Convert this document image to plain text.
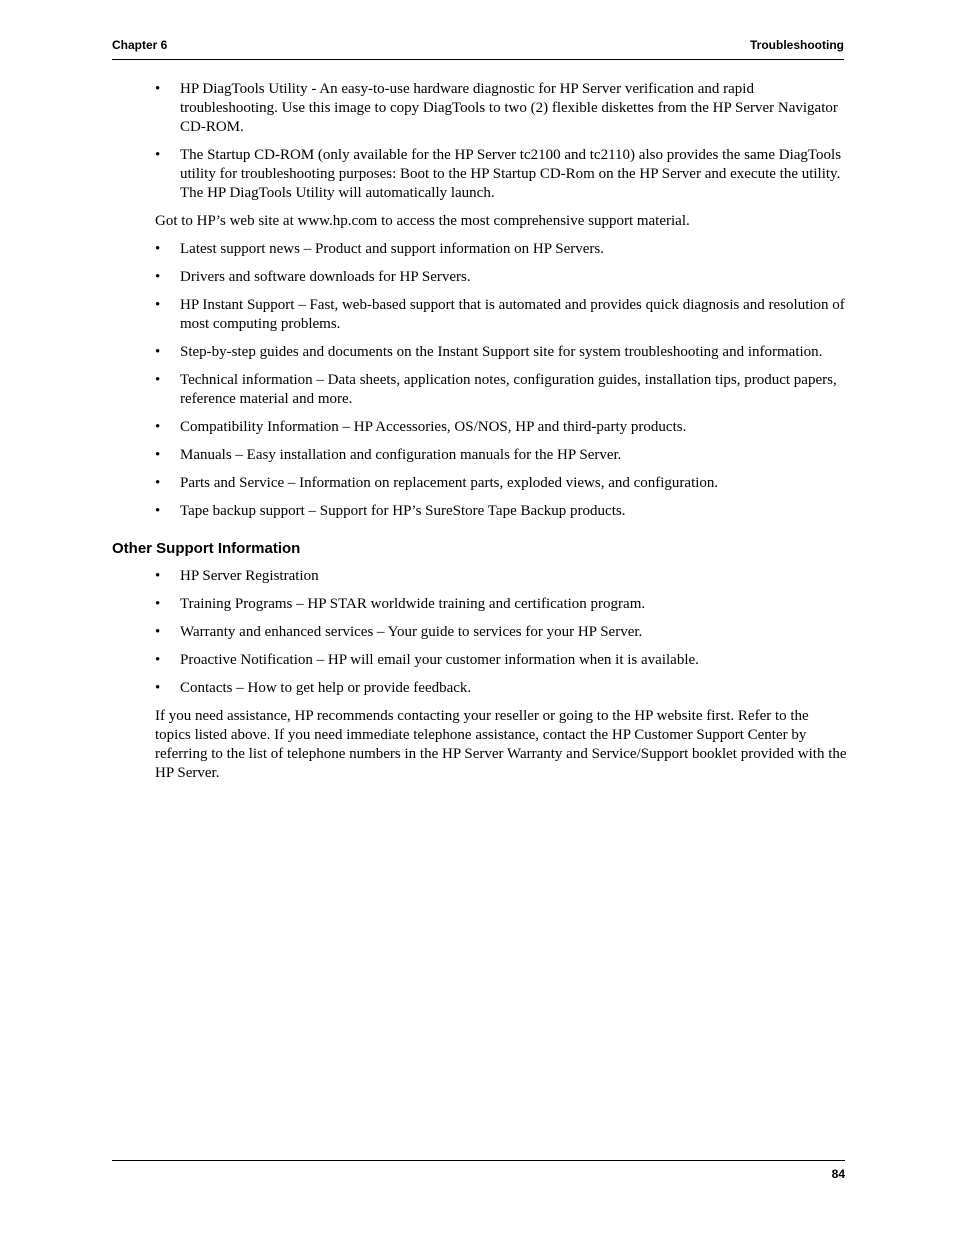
Chapter 6	Troubleshooting
• HP DiagTools Utility - An easy-to-use hardware diagnostic for HP Server verification and rapid troubleshooting. Use this image to copy DiagTools to two (2) flexible diskettes from the HP Server Navigator CD-ROM.
• The Startup CD-ROM (only available for the HP Server tc2100 and tc2110) also provides the same DiagTools utility for troubleshooting purposes: Boot to the HP Startup CD-Rom on the HP Server and execute the utility. The HP DiagTools Utility will automatically launch.

Got to HP’s web site at www.hp.com to access the most comprehensive support material.

• Latest support news – Product and support information on HP Servers.
• Drivers and software downloads for HP Servers.
• HP Instant Support – Fast, web-based support that is automated and provides quick diagnosis and resolution of most computing problems.
• Step-by-step guides and documents on the Instant Support site for system troubleshooting and information.
• Technical information – Data sheets, application notes, configuration guides, installation tips, product papers, reference material and more.
• Compatibility Information – HP Accessories, OS/NOS, HP and third-party products.
• Manuals – Easy installation and configuration manuals for the HP Server.
• Parts and Service – Information on replacement parts, exploded views, and configuration.
• Tape backup support – Support for HP’s SureStore Tape Backup products.
Other Support Information
• HP Server Registration
• Training Programs – HP STAR worldwide training and certification program.
• Warranty and enhanced services – Your guide to services for your HP Server.
• Proactive Notification – HP will email your customer information when it is available.
• Contacts – How to get help or provide feedback.

If you need assistance, HP recommends contacting your reseller or going to the HP website first. Refer to the topics listed above. If you need immediate telephone assistance, contact the HP Customer Support Center by referring to the list of telephone numbers in the HP Server Warranty and Service/Support booklet provided with the HP Server.

84
